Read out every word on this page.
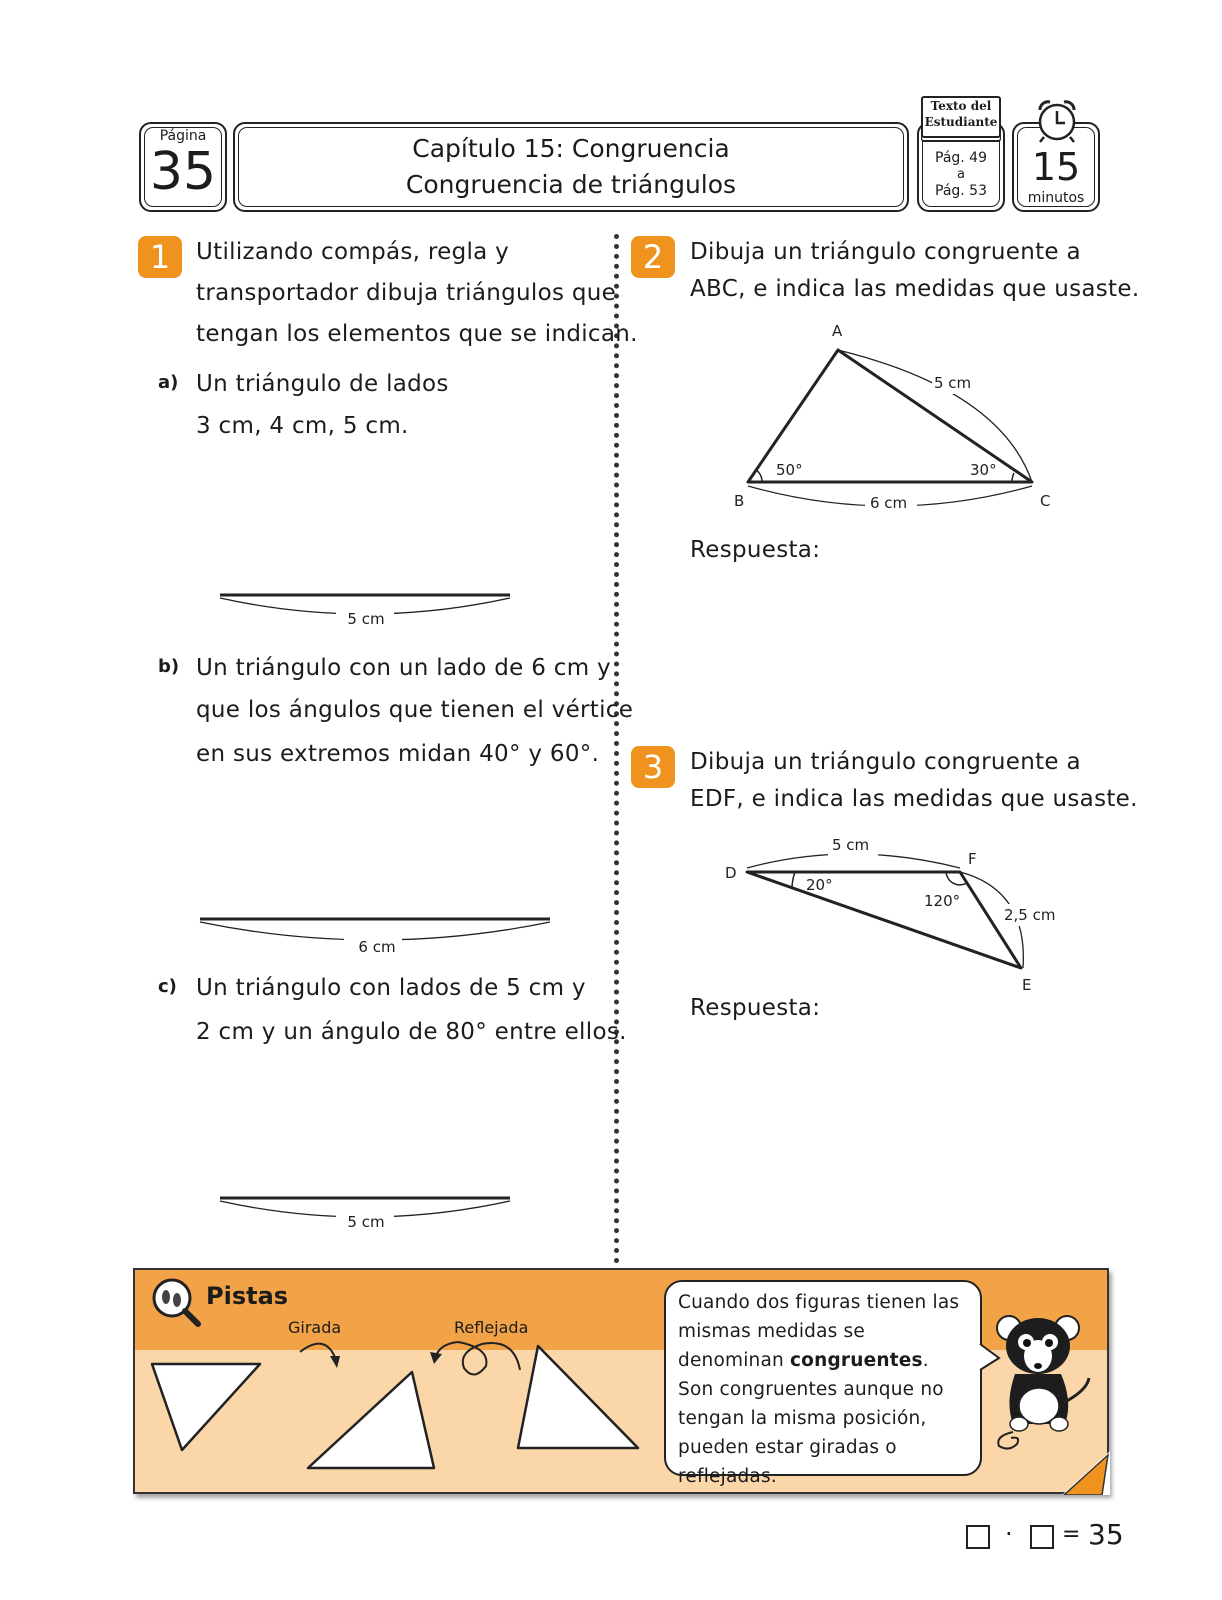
Página
35	Capítulo 15: Congruencia
Congruencia de triángulos
Pág. 49
a
Pág. 53
Texto del
Estudiante
15
minutos
1	Utilizando compás, regla y
transportador dibuja triángulos que
tengan los elementos que se indican.
a) Un triángulo de lados
3 cm, 4 cm, 5 cm.
5 cm
b) Un triángulo con un lado de 6 cm y
que los ángulos que tienen el vértice
en sus extremos midan 40° y 60°.
6 cm
c) Un triángulo con lados de 5 cm y
2 cm y un ángulo de 80° entre ellos.
5 cm
2	Dibuja un triángulo congruente a
ABC, e indica las medidas que usaste.
A
B	C
5 cm
6 cm
50°	30°
Respuesta:
3	Dibuja un triángulo congruente a
EDF, e indica las medidas que usaste.
D
F
E
5 cm
2,5 cm
20°
120°
Respuesta:
Pistas
Girada	Reflejada
Cuando dos figuras tienen las mismas medidas se denominan congruentes. Son congruentes aunque no tengan la misma posición, pueden estar giradas o reflejadas.
· = 35
